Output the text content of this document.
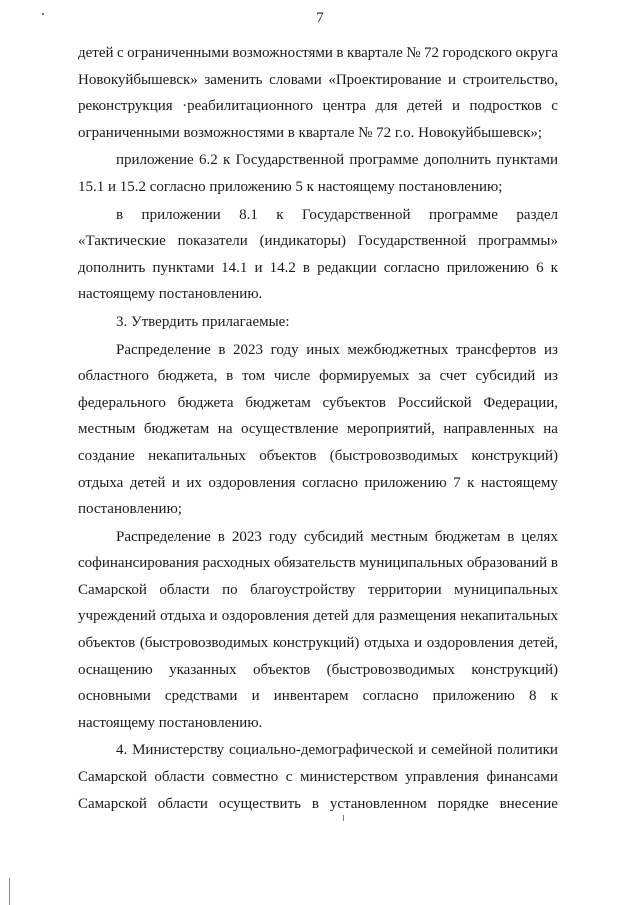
7
детей с ограниченными возможностями в квартале № 72 городского округа
Новокуйбышевск» заменить словами «Проектирование и строительство,
реконструкция ·реабилитационного центра для детей и подростков с
ограниченными возможностями в квартале № 72 г.о. Новокуйбышевск»;
приложение 6.2 к Государственной программе дополнить пунктами
15.1 и 15.2 согласно приложению 5 к настоящему постановлению;
в приложении 8.1 к Государственной программе раздел
«Тактические показатели (индикаторы) Государственной программы»
дополнить пунктами 14.1 и 14.2 в редакции согласно приложению 6 к
настоящему постановлению.
3. Утвердить прилагаемые:
Распределение в 2023 году иных межбюджетных трансфертов из
областного бюджета, в том числе формируемых за счет субсидий из
федерального бюджета бюджетам субъектов Российской Федерации,
местным бюджетам на осуществление мероприятий, направленных на
создание некапитальных объектов (быстровозводимых конструкций)
отдыха детей и их оздоровления согласно приложению 7 к настоящему
постановлению;
Распределение в 2023 году субсидий местным бюджетам в целях
софинансирования расходных обязательств муниципальных образований в
Самарской области по благоустройству территории муниципальных
учреждений отдыха и оздоровления детей для размещения некапитальных
объектов (быстровозводимых конструкций) отдыха и оздоровления детей,
оснащению указанных объектов (быстровозводимых конструкций)
основными средствами и инвентарем согласно приложению 8 к
настоящему постановлению.
4. Министерству социально-демографической и семейной политики
Самарской области совместно с министерством управления финансами
Самарской области осуществить в установленном порядке внесение
